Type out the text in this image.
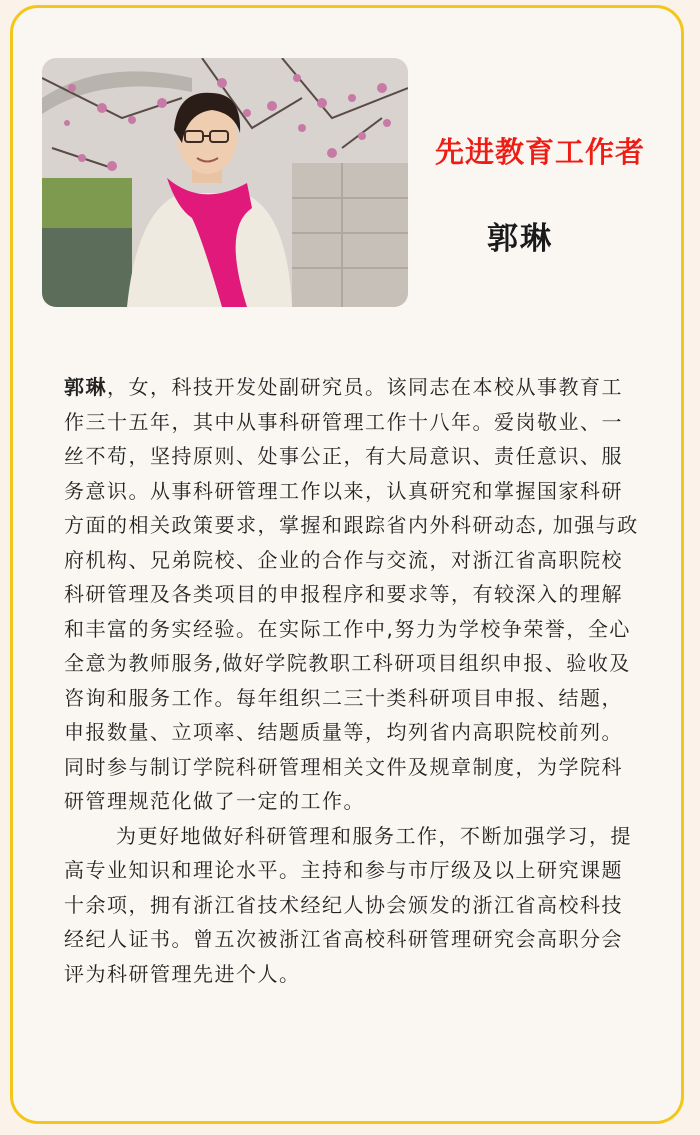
先进教育工作者
郭琳

郭琳，女，科技开发处副研究员。该同志在本校从事教育工作三十五年，其中从事科研管理工作十八年。爱岗敬业、一丝不苟，坚持原则、处事公正，有大局意识、责任意识、服务意识。从事科研管理工作以来，认真研究和掌握国家科研方面的相关政策要求，掌握和跟踪省内外科研动态, 加强与政府机构、兄弟院校、企业的合作与交流，对浙江省高职院校科研管理及各类项目的申报程序和要求等，有较深入的理解和丰富的务实经验。在实际工作中,努力为学校争荣誉，全心全意为教师服务,做好学院教职工科研项目组织申报、验收及咨询和服务工作。每年组织二三十类科研项目申报、结题，申报数量、立项率、结题质量等，均列省内高职院校前列。同时参与制订学院科研管理相关文件及规章制度，为学院科研管理规范化做了一定的工作。

为更好地做好科研管理和服务工作，不断加强学习，提高专业知识和理论水平。主持和参与市厅级及以上研究课题十余项，拥有浙江省技术经纪人协会颁发的浙江省高校科技经纪人证书。曾五次被浙江省高校科研管理研究会高职分会评为科研管理先进个人。
